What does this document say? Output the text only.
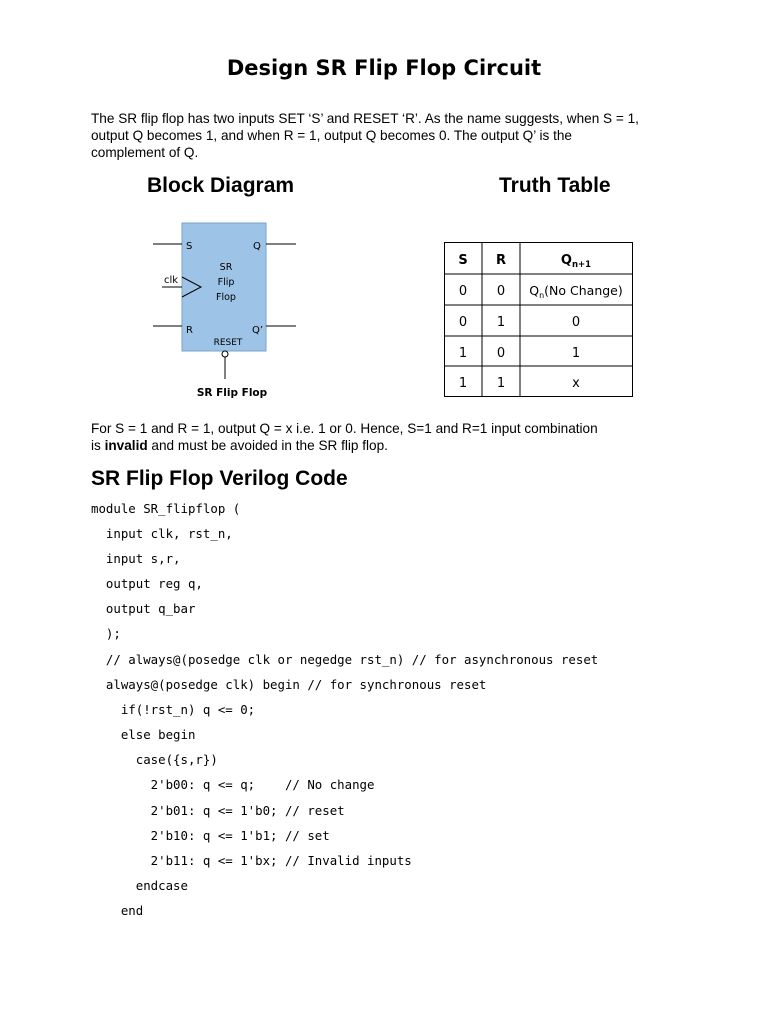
Design SR Flip Flop Circuit

The SR flip flop has two inputs SET ‘S’ and RESET ‘R’. As the name suggests, when S = 1,

output Q becomes 1, and when R = 1, output Q becomes 0. The output Q’ is the

complement of Q.

Block Diagram	Truth Table
S
R
Q
Q’
clk
SR
Flip
Flop
RESET
SR Flip Flop
S R	$Q_{n+1}$
0 0 $Q_n(No$ Change)
0 1	0
1 0	1
1 1	x

For S = 1 and R = 1, output Q = x i.e. 1 or 0. Hence, S=1 and R=1 input combination

is invalid and must be avoided in the SR flip flop.

SR Flip Flop Verilog Code
module SR_flipflop (
input clk, rst_n,
input s,r,
output reg q,
output q_bar
);
// always@(posedge clk or negedge rst_n) // for asynchronous reset
always@(posedge clk) begin // for synchronous reset
if(!rst_n) q <= 0;
else begin
case({s,r})
2'b00: q <= q;    // No change
2'b01: q <= 1'b0; // reset
2'b10: q <= 1'b1; // set
2'b11: q <= 1'bx; // Invalid inputs
endcase
end
